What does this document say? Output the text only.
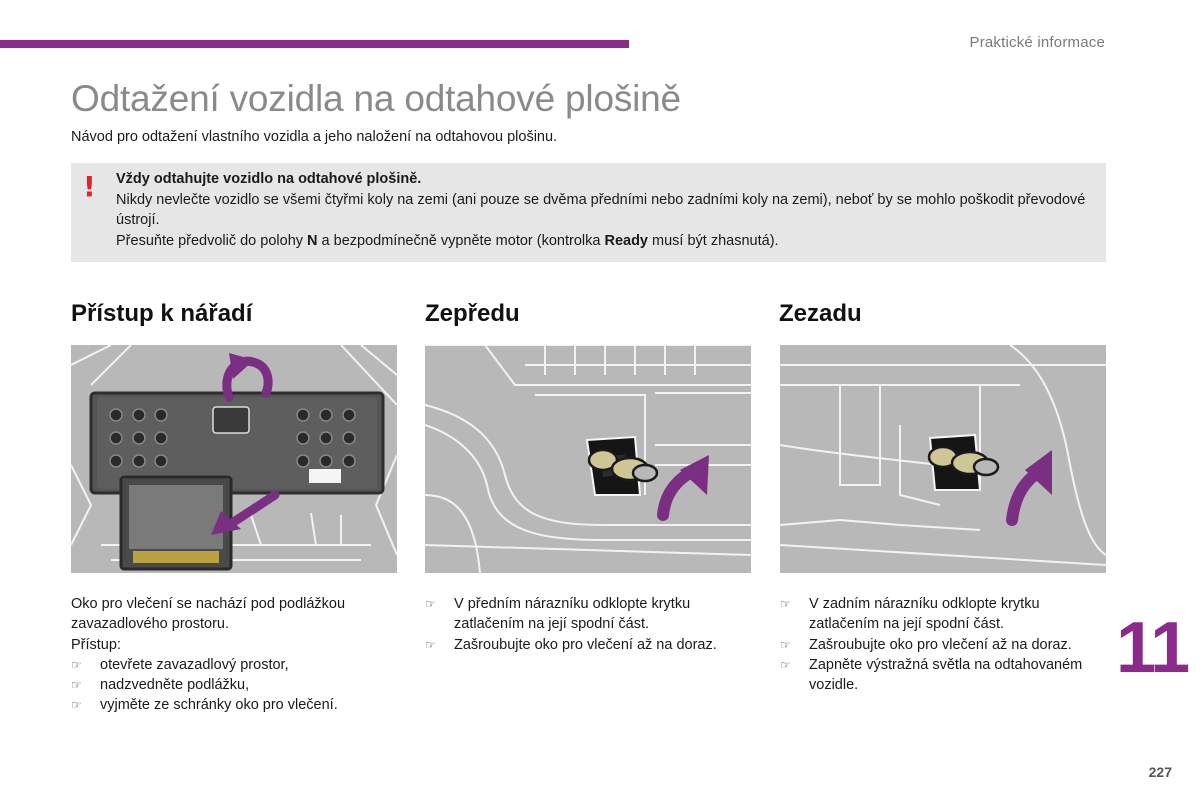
Praktické informace
Odtažení vozidla na odtahové plošině
Návod pro odtažení vlastního vozidla a jeho naložení na odtahovou plošinu.
! Vždy odtahujte vozidlo na odtahové plošině.
Nikdy nevlečte vozidlo se všemi čtyřmi koly na zemi (ani pouze se dvěma předními nebo zadními koly na zemi), neboť by se mohlo poškodit převodové ústrojí.
Přesuňte předvolič do polohy N a bezpodmínečně vypněte motor (kontrolka Ready musí být zhasnutá).
Přístup k nářadí

Oko pro vlečení se nachází pod podlážkou zavazadlového prostoru.

Přístup:

☞ otevřete zavazadlový prostor,
☞ nadzvedněte podlážku,
☞ vyjměte ze schránky oko pro vlečení.
Zepředu
☞ V předním nárazníku odklopte krytku zatlačením na její spodní část.
☞ Zašroubujte oko pro vlečení až na doraz.
Zezadu
☞ V zadním nárazníku odklopte krytku zatlačením na její spodní část.
☞ Zašroubujte oko pro vlečení až na doraz.
☞ Zapněte výstražná světla na odtahovaném vozidle.	11
227
